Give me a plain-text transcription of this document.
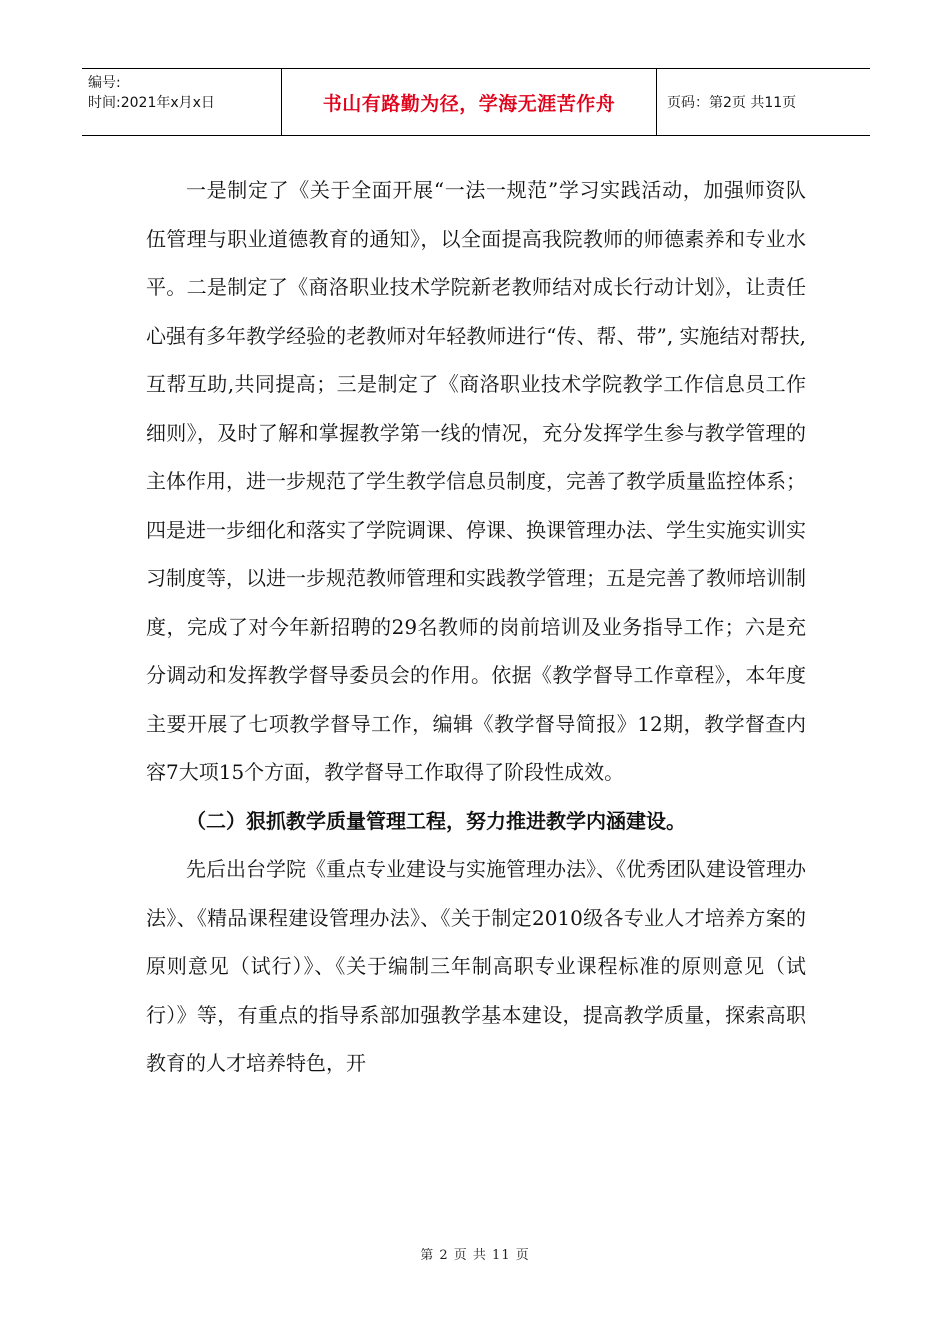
编号:
时间:2021年x月x日	书山有路勤为径，学海无涯苦作舟	页码：第2页 共11页

一是制定了《关于全面开展“一法一规范”学习实践活动，加强师资队伍管理与职业道德教育的通知》，以全面提高我院教师的师德素养和专业水平。二是制定了《商洛职业技术学院新老教师结对成长行动计划》，让责任心强有多年教学经验的老教师对年轻教师进行“传、帮、带”, 实施结对帮扶,互帮互助,共同提高；三是制定了《商洛职业技术学院教学工作信息员工作细则》，及时了解和掌握教学第一线的情况，充分发挥学生参与教学管理的主体作用，进一步规范了学生教学信息员制度，完善了教学质量监控体系；四是进一步细化和落实了学院调课、停课、换课管理办法、学生实施实训实习制度等，以进一步规范教师管理和实践教学管理；五是完善了教师培训制度，完成了对今年新招聘的29名教师的岗前培训及业务指导工作；六是充分调动和发挥教学督导委员会的作用。依据《教学督导工作章程》，本年度主要开展了七项教学督导工作，编辑《教学督导简报》12期，教学督查内容7大项15个方面，教学督导工作取得了阶段性成效。

（二）狠抓教学质量管理工程，努力推进教学内涵建设。

先后出台学院《重点专业建设与实施管理办法》、《优秀团队建设管理办法》、《精品课程建设管理办法》、《关于制定2010级各专业人才培养方案的原则意见（试行）》、《关于编制三年制高职专业课程标准的原则意见（试行）》等，有重点的指导系部加强教学基本建设，提高教学质量，探索高职教育的人才培养特色，开

第 2 页 共 11 页
